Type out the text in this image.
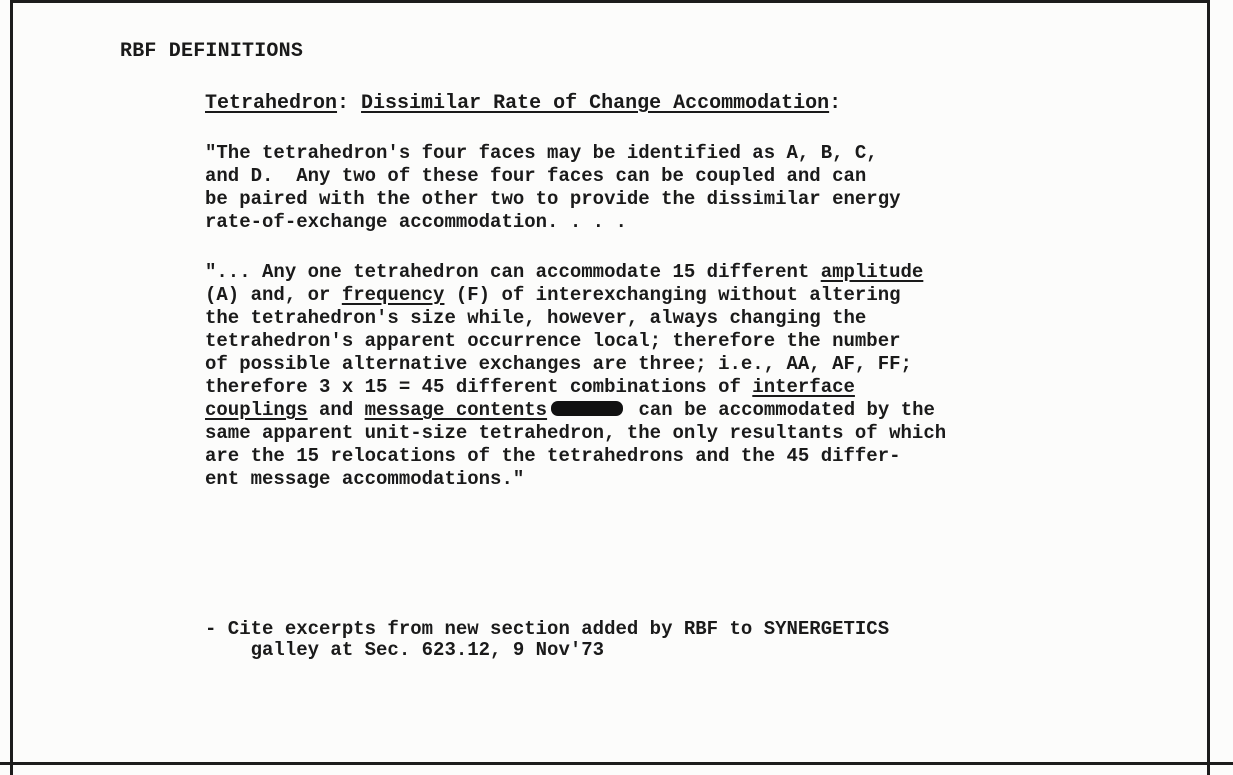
RBF DEFINITIONS

Tetrahedron: Dissimilar Rate of Change Accommodation:

"The tetrahedron's four faces may be identified as A, B, C,
and D.  Any two of these four faces can be coupled and can
be paired with the other two to provide the dissimilar energy
rate-of-exchange accommodation. . . .
"... Any one tetrahedron can accommodate 15 different amplitude
(A) and, or frequency (F) of interexchanging without altering
the tetrahedron's size while, however, always changing the
tetrahedron's apparent occurrence local; therefore the number
of possible alternative exchanges are three; i.e., AA, AF, FF;
therefore 3 x 15 = 45 different combinations of interface
couplings and message contents	can be accommodated by the
same apparent unit-size tetrahedron, the only resultants of which
are the 15 relocations of the tetrahedrons and the 45 differ-
ent message accommodations."
- Cite excerpts from new section added by RBF to SYNERGETICS
galley at Sec. 623.12, 9 Nov'73
